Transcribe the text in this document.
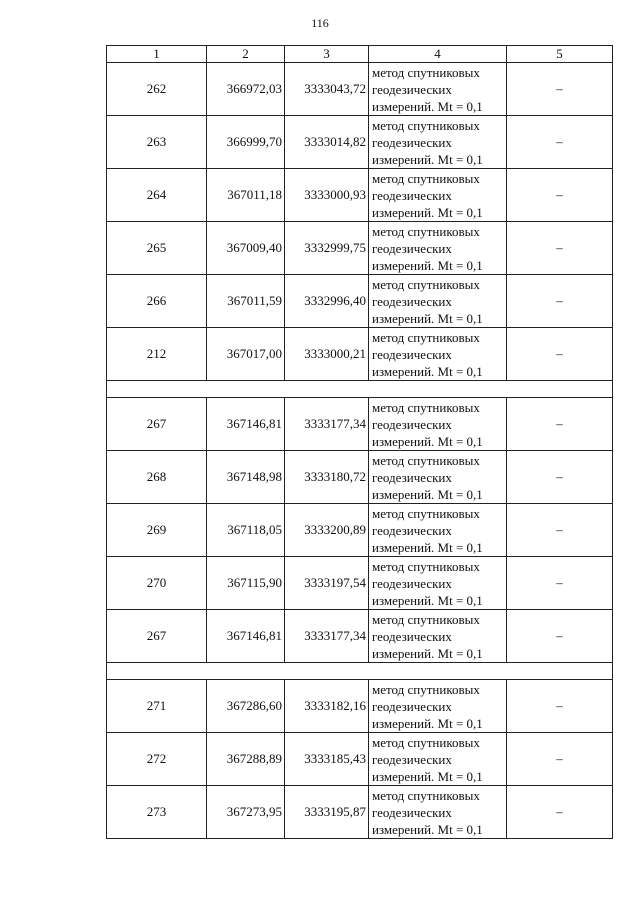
116
1	2	3	4	5
262	366972,03	3333043,72	метод спутниковых
геодезических
измерений. Mt = 0,1	–
263	366999,70	3333014,82	метод спутниковых
геодезических
измерений. Mt = 0,1	–
264	367011,18	3333000,93	метод спутниковых
геодезических
измерений. Mt = 0,1	–
265	367009,40	3332999,75	метод спутниковых
геодезических
измерений. Mt = 0,1	–
266	367011,59	3332996,40	метод спутниковых
геодезических
измерений. Mt = 0,1	–
212	367017,00	3333000,21	метод спутниковых
геодезических
измерений. Mt = 0,1	–

267	367146,81	3333177,34	метод спутниковых
геодезических
измерений. Mt = 0,1	–
268	367148,98	3333180,72	метод спутниковых
геодезических
измерений. Mt = 0,1	–
269	367118,05	3333200,89	метод спутниковых
геодезических
измерений. Mt = 0,1	–
270	367115,90	3333197,54	метод спутниковых
геодезических
измерений. Mt = 0,1	–
267	367146,81	3333177,34	метод спутниковых
геодезических
измерений. Mt = 0,1	–

271	367286,60	3333182,16	метод спутниковых
геодезических
измерений. Mt = 0,1	–
272	367288,89	3333185,43	метод спутниковых
геодезических
измерений. Mt = 0,1	–
273	367273,95	3333195,87	метод спутниковых
геодезических
измерений. Mt = 0,1	–
